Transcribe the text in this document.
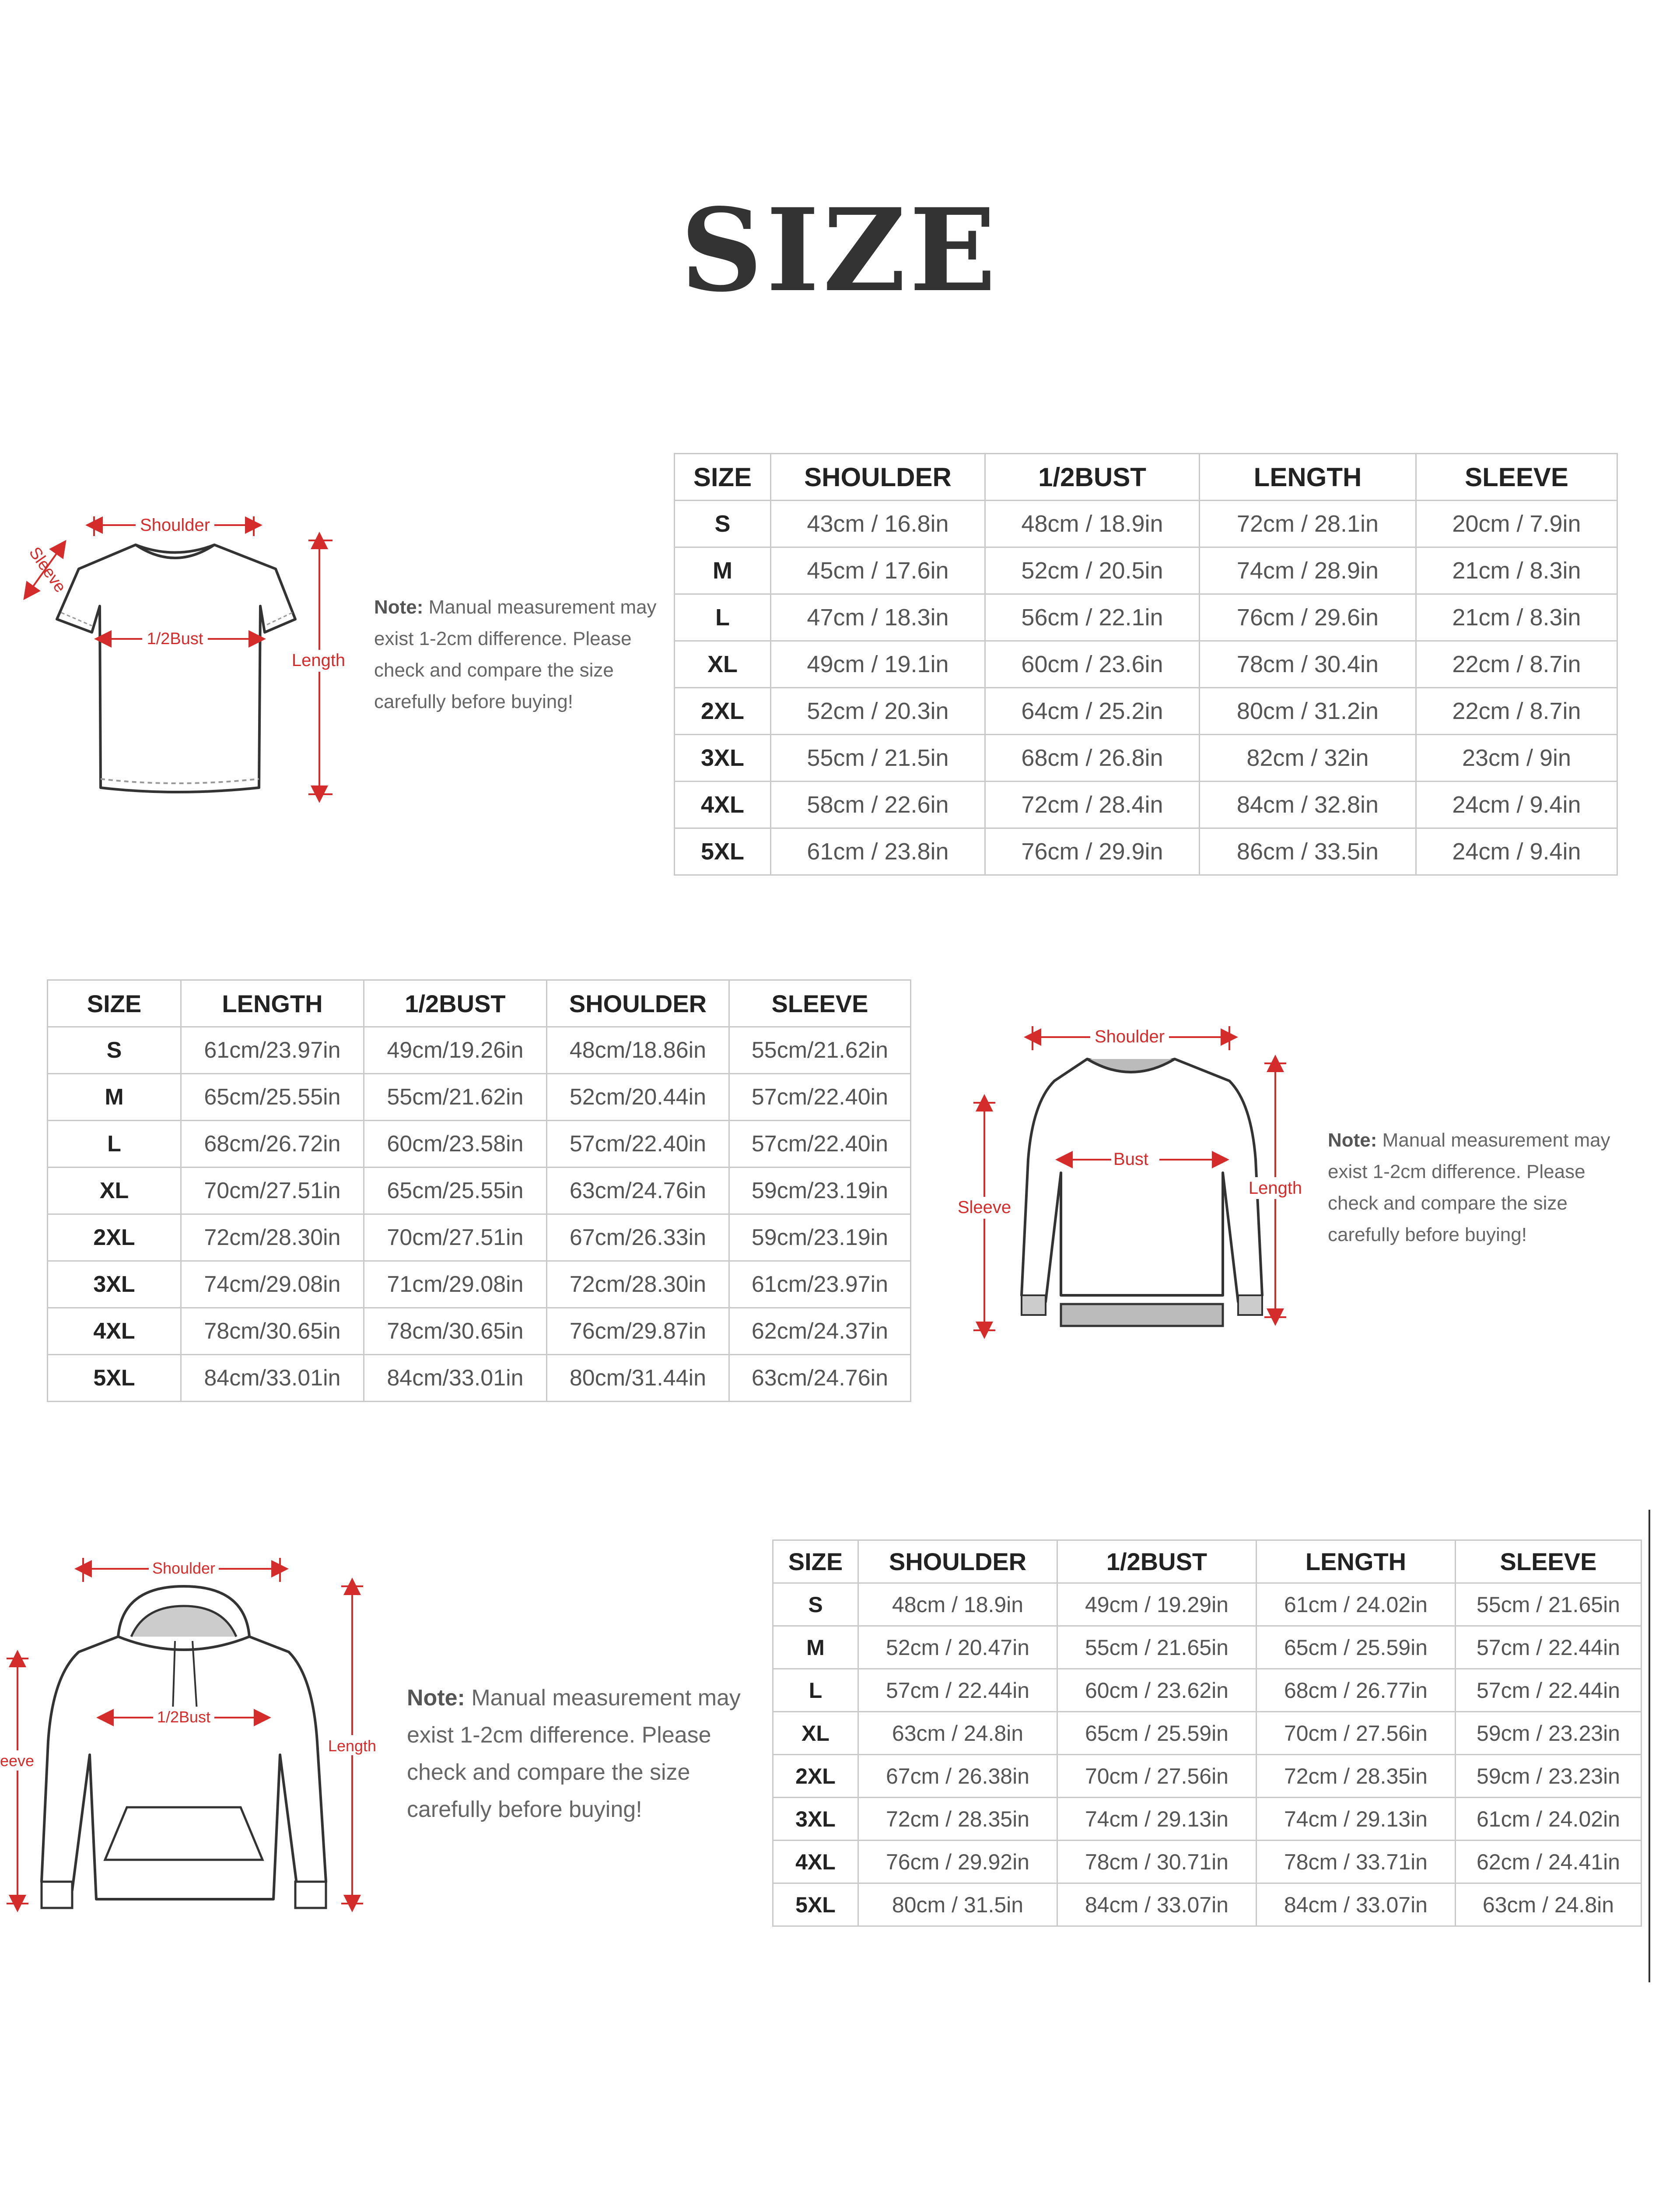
SIZE
Shoulder
Sleeve
1/2Bust
Length
Note: Manual measurement may
exist 1-2cm difference. Please
check and compare the size
carefully before buying!
SIZE	SHOULDER	1/2BUST	LENGTH	SLEEVE
S	43cm / 16.8in	48cm / 18.9in	72cm / 28.1in	20cm / 7.9in
M	45cm / 17.6in	52cm / 20.5in	74cm / 28.9in	21cm / 8.3in
L	47cm / 18.3in	56cm / 22.1in	76cm / 29.6in	21cm / 8.3in
XL	49cm / 19.1in	60cm / 23.6in	78cm / 30.4in	22cm / 8.7in
2XL	52cm / 20.3in	64cm / 25.2in	80cm / 31.2in	22cm / 8.7in
3XL	55cm / 21.5in	68cm / 26.8in	82cm / 32in	23cm / 9in
4XL	58cm / 22.6in	72cm / 28.4in	84cm / 32.8in	24cm / 9.4in
5XL	61cm / 23.8in	76cm / 29.9in	86cm / 33.5in	24cm / 9.4in
SIZE	LENGTH	1/2BUST	SHOULDER	SLEEVE
S	61cm/23.97in	49cm/19.26in	48cm/18.86in	55cm/21.62in
M	65cm/25.55in	55cm/21.62in	52cm/20.44in	57cm/22.40in
L	68cm/26.72in	60cm/23.58in	57cm/22.40in	57cm/22.40in
XL	70cm/27.51in	65cm/25.55in	63cm/24.76in	59cm/23.19in
2XL	72cm/28.30in	70cm/27.51in	67cm/26.33in	59cm/23.19in
3XL	74cm/29.08in	71cm/29.08in	72cm/28.30in	61cm/23.97in
4XL	78cm/30.65in	78cm/30.65in	76cm/29.87in	62cm/24.37in
5XL	84cm/33.01in	84cm/33.01in	80cm/31.44in	63cm/24.76in
Shoulder
Bust
Sleeve
Length
Note: Manual measurement may
exist 1-2cm difference. Please
check and compare the size
carefully before buying!
Shoulder
1/2Bust
eeve
Length
Note: Manual measurement may
exist 1-2cm difference. Please
check and compare the size
carefully before buying!
SIZE	SHOULDER	1/2BUST	LENGTH	SLEEVE
S	48cm / 18.9in	49cm / 19.29in	61cm / 24.02in	55cm / 21.65in
M	52cm / 20.47in	55cm / 21.65in	65cm / 25.59in	57cm / 22.44in
L	57cm / 22.44in	60cm / 23.62in	68cm / 26.77in	57cm / 22.44in
XL	63cm / 24.8in	65cm / 25.59in	70cm / 27.56in	59cm / 23.23in
2XL	67cm / 26.38in	70cm / 27.56in	72cm / 28.35in	59cm / 23.23in
3XL	72cm / 28.35in	74cm / 29.13in	74cm / 29.13in	61cm / 24.02in
4XL	76cm / 29.92in	78cm / 30.71in	78cm / 33.71in	62cm / 24.41in
5XL	80cm / 31.5in	84cm / 33.07in	84cm / 33.07in	63cm / 24.8in
